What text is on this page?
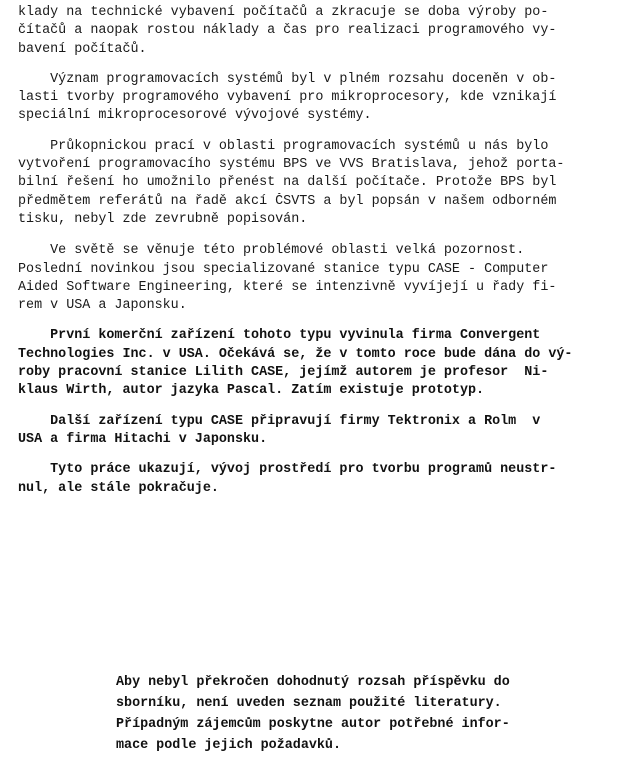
klady na technické vybavení počítačů a zkracuje se doba výroby po-
čítačů a naopak rostou náklady a čas pro realizaci programového vy-
bavení počítačů.

Význam programovacích systémů byl v plném rozsahu doceněn v ob-
lasti tvorby programového vybavení pro mikroprocesory, kde vznikají
speciální mikroprocesorové vývojové systémy.

Průkopnickou prací v oblasti programovacích systémů u nás bylo
vytvoření programovacího systému BPS ve VVS Bratislava, jehož porta-
bilní řešení ho umožnilo přenést na další počítače. Protože BPS byl
předmětem referátů na řadě akcí ČSVTS a byl popsán v našem odborném
tisku, nebyl zde zevrubně popisován.

Ve světě se věnuje této problémové oblasti velká pozornost.
Poslední novinkou jsou specializované stanice typu CASE - Computer
Aided Software Engineering, které se intenzivně vyvíjejí u řady fi-
rem v USA a Japonsku.

První komerční zařízení tohoto typu vyvinula firma Convergent
Technologies Inc. v USA. Očekává se, že v tomto roce bude dána do vý-
roby pracovní stanice Lilith CASE, jejímž autorem je profesor  Ni-
klaus Wirth, autor jazyka Pascal. Zatím existuje prototyp.

Další zařízení typu CASE připravují firmy Tektronix a Rolm  v
USA a firma Hitachi v Japonsku.

Tyto práce ukazují, vývoj prostředí pro tvorbu programů neustr-
nul, ale stále pokračuje.

Aby nebyl překročen dohodnutý rozsah příspěvku do
sborníku, není uveden seznam použité literatury.
Případným zájemcům poskytne autor potřebné infor-
mace podle jejich požadavků.
